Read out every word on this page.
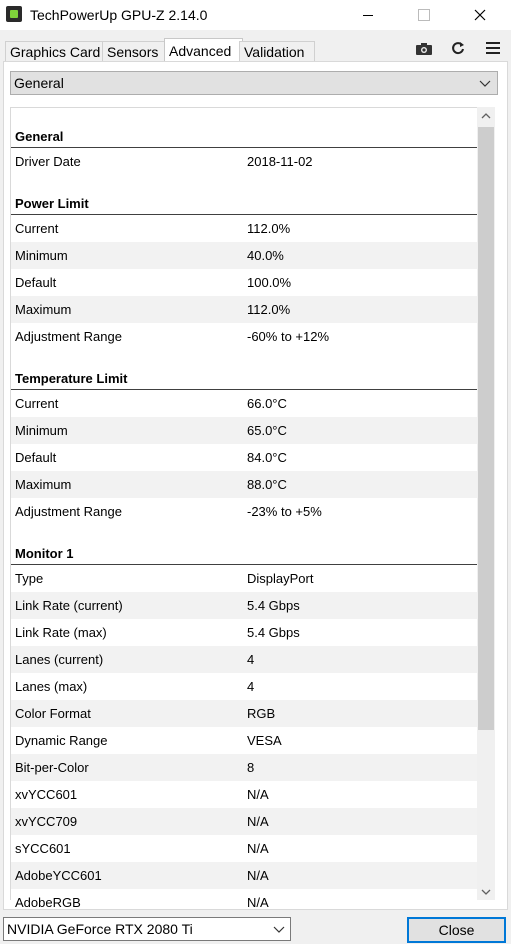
TechPowerUp GPU-Z 2.14.0
Graphics Card Sensors Advanced Validation
General
General
Driver Date	2018-11-02
Power Limit
Current	112.0%
Minimum	40.0%
Default	100.0%
Maximum	112.0%
Adjustment Range	-60% to +12%
Temperature Limit
Current	66.0°C
Minimum	65.0°C
Default	84.0°C
Maximum	88.0°C
Adjustment Range	-23% to +5%
Monitor 1
Type	DisplayPort
Link Rate (current)	5.4 Gbps
Link Rate (max)	5.4 Gbps
Lanes (current)	4
Lanes (max)	4
Color Format	RGB
Dynamic Range	VESA
Bit-per-Color	8
xvYCC601	N/A
xvYCC709	N/A
sYCC601	N/A
AdobeYCC601	N/A
AdobeRGB	N/A
NVIDIA GeForce RTX 2080 Ti	Close
